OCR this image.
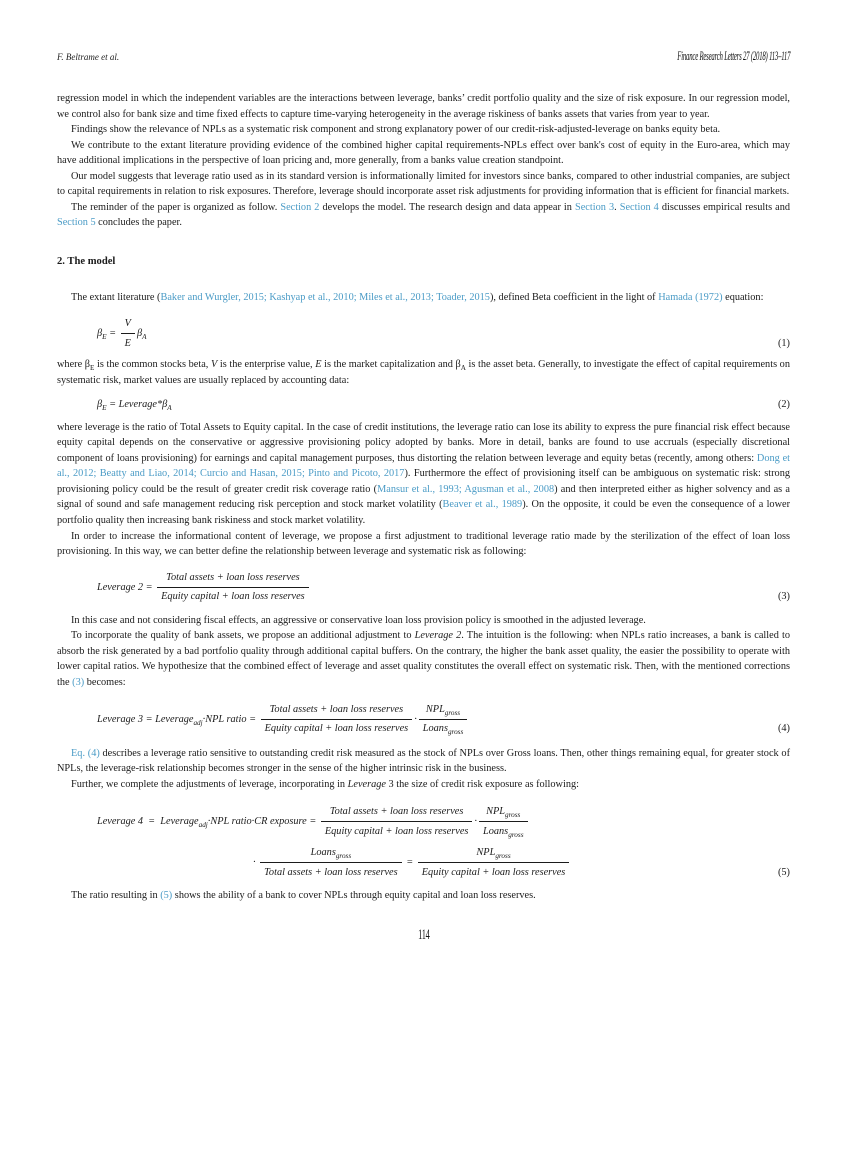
F. Beltrame et al.	Finance Research Letters 27 (2018) 113–117

regression model in which the independent variables are the interactions between leverage, banks’ credit portfolio quality and the size of risk exposure. In our regression model, we control also for bank size and time fixed effects to capture time-varying heterogeneity in the average riskiness of banks assets that varies from year to year.

Findings show the relevance of NPLs as a systematic risk component and strong explanatory power of our credit-risk-adjusted-leverage on banks equity beta.

We contribute to the extant literature providing evidence of the combined higher capital requirements-NPLs effect over bank's cost of equity in the Euro-area, which may have additional implications in the perspective of loan pricing and, more generally, from a banks value creation standpoint.

Our model suggests that leverage ratio used as in its standard version is informationally limited for investors since banks, compared to other industrial companies, are subject to capital requirements in relation to risk exposures. Therefore, leverage should incorporate asset risk adjustments for providing information that is efficient for financial markets.

The reminder of the paper is organized as follow. Section 2 develops the model. The research design and data appear in Section 3. Section 4 discusses empirical results and Section 5 concludes the paper.

2. The model

The extant literature (Baker and Wurgler, 2015; Kashyap et al., 2010; Miles et al., 2013; Toader, 2015), defined Beta coefficient in the light of Hamada (1972) equation:

$\beta_E = \frac{V}{E} \beta_A$
(1)

where $\beta_E$ is the common stocks beta, V is the enterprise value, E is the market capitalization and $\beta_A$ is the asset beta. Generally, to investigate the effect of capital requirements on systematic risk, market values are usually replaced by accounting data:

$\beta_E$ = $Leverage*\beta_A$	(2)

where leverage is the ratio of Total Assets to Equity capital. In the case of credit institutions, the leverage ratio can lose its ability to express the pure financial risk effect because equity capital depends on the conservative or aggressive provisioning policy adopted by banks. More in detail, banks are found to use accruals (especially discretional component of loans provisioning) for earnings and capital management purposes, thus distorting the relation between leverage and equity betas (recently, among others: Dong et al., 2012; Beatty and Liao, 2014; Curcio and Hasan, 2015; Pinto and Picoto, 2017). Furthermore the effect of provisioning itself can be ambiguous on systematic risk: strong provisioning policy could be the result of greater credit risk coverage ratio (Mansur et al., 1993; Agusman et al., 2008) and then interpreted either as higher solvency and as a signal of sound and safe management reducing risk perception and stock market volatility (Beaver et al., 1989). On the opposite, it could be even the consequence of a lower portfolio quality then increasing bank riskiness and stock market volatility.

In order to increase the informational content of leverage, we propose a first adjustment to traditional leverage ratio made by the sterilization of the effect of loan loss provisioning. In this way, we can better define the relationship between leverage and systematic risk as following:

Leverage $2 = \frac{\text{Total assets + loan loss reserves}}{\text{Equity capital + loan loss reserves}}$	(3)

In this case and not considering fiscal effects, an aggressive or conservative loan loss provision policy is smoothed in the adjusted leverage.

To incorporate the quality of bank assets, we propose an additional adjustment to Leverage 2. The intuition is the following: when NPLs ratio increases, a bank is called to absorb the risk generated by a bad portfolio quality through additional capital buffers. On the contrary, the higher the bank asset quality, the easier the possibility to operate with lower capital ratios. We hypothesize that the combined effect of leverage and asset quality constitutes the overall effect on systematic risk. Then, with the mentioned corrections the (3) becomes:

Leverage 3 = Leverage$_{adj}$·NPL ratio = $\frac{\text{Total assets + loan loss reserves}}{\text{Equity capital + loan loss reserves}} \cdot \frac{NPL_{gross}}{Loans_{gross}}$	(4)

Eq. (4) describes a leverage ratio sensitive to outstanding credit risk measured as the stock of NPLs over Gross loans. Then, other things remaining equal, for greater stock of NPLs, the leverage-risk relationship becomes stronger in the sense of the higher intrinsic risk in the business.

Further, we complete the adjustments of leverage, incorporating in Leverage 3 the size of credit risk exposure as following:

Leverage 4  =  Leverage$_{adj}$·NPL ratio·CR exposure = $\frac{\text{Total assets + loan loss reserves}}{\text{Equity capital + loan loss reserves}} \cdot \frac{NPL_{gross}}{Loans_{gross}}$
· $\frac{Loans_{gross}}{\text{Total assets + loan loss reserves}} = \frac{NPL_{gross}}{\text{Equity capital + loan loss reserves}}$	(5)

The ratio resulting in (5) shows the ability of a bank to cover NPLs through equity capital and loan loss reserves.

114
